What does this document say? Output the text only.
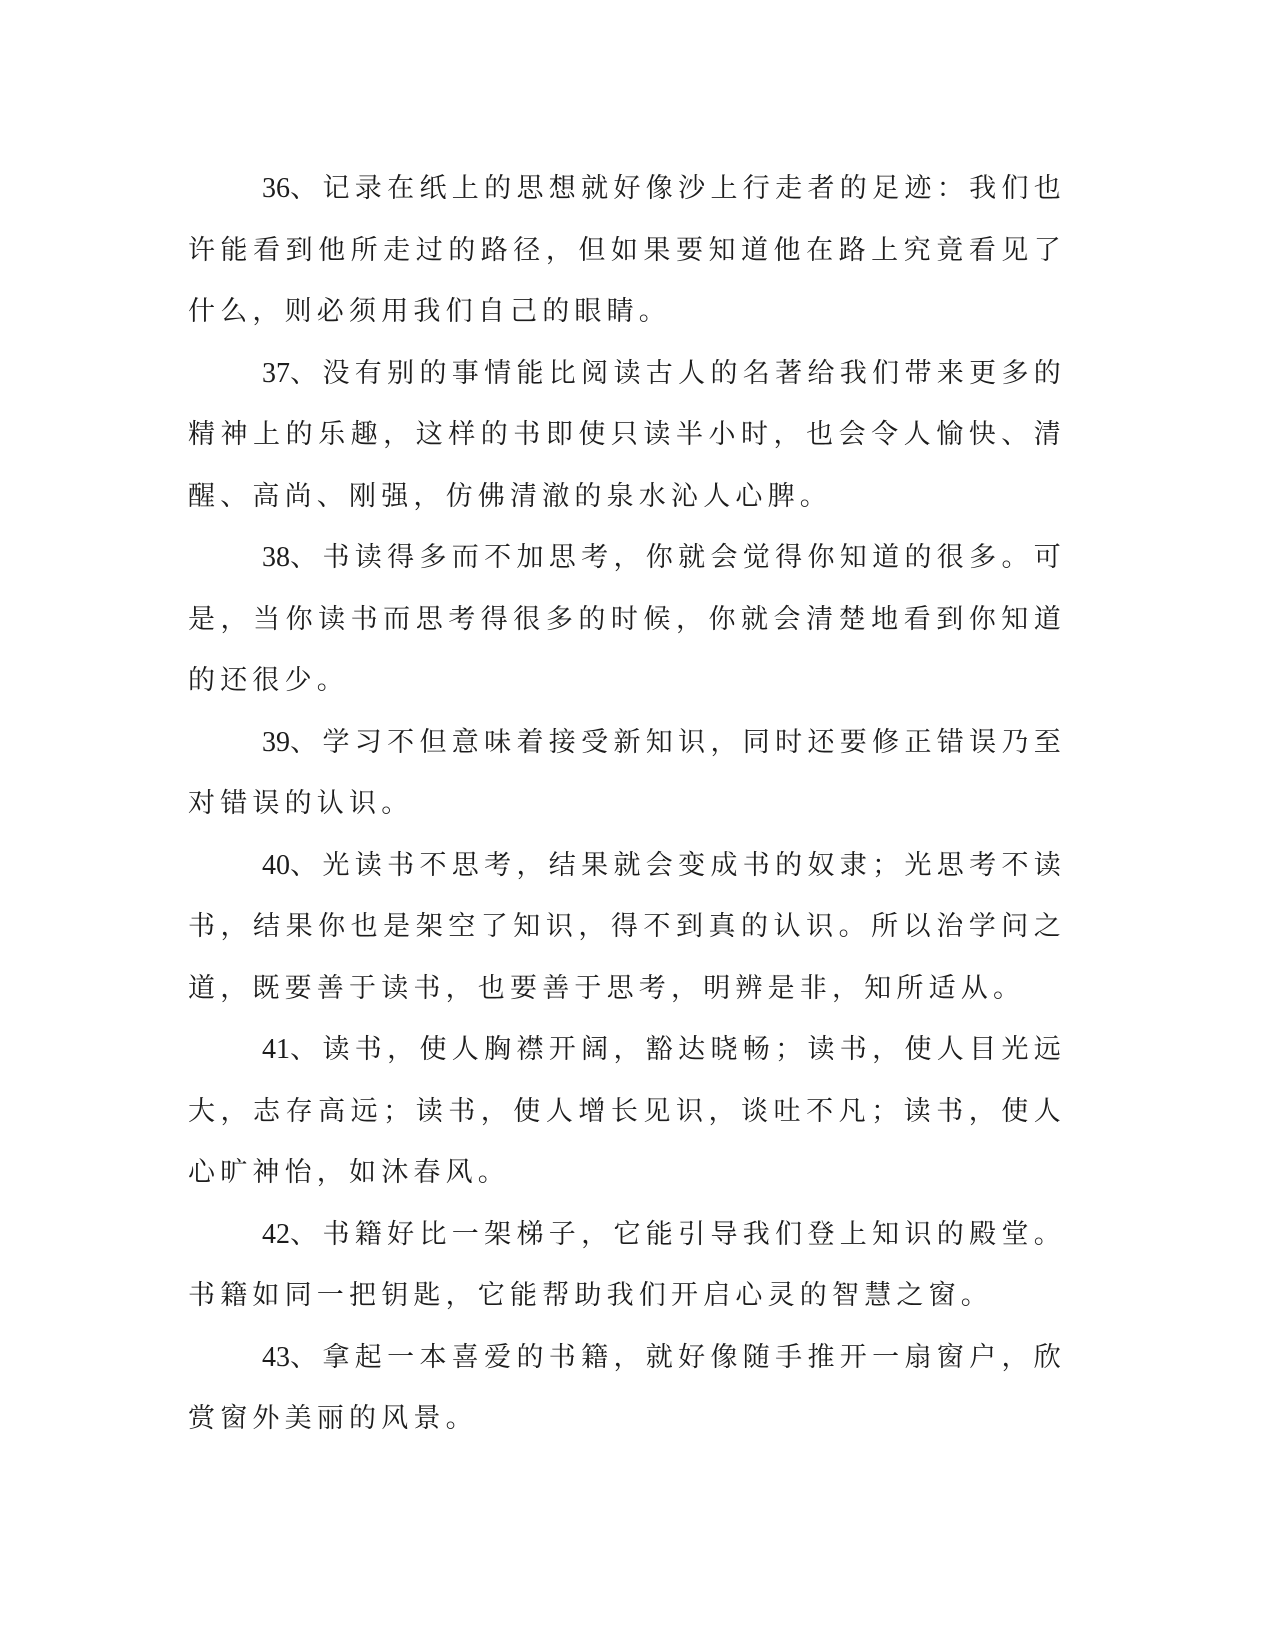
36、记录在纸上的思想就好像沙上行走者的足迹：我们也许能看到他所走过的路径，但如果要知道他在路上究竟看见了什么，则必须用我们自己的眼睛。

37、没有别的事情能比阅读古人的名著给我们带来更多的精神上的乐趣，这样的书即使只读半小时，也会令人愉快、清醒、高尚、刚强，仿佛清澈的泉水沁人心脾。

38、书读得多而不加思考，你就会觉得你知道的很多。可是，当你读书而思考得很多的时候，你就会清楚地看到你知道的还很少。

39、学习不但意味着接受新知识，同时还要修正错误乃至对错误的认识。

40、光读书不思考，结果就会变成书的奴隶；光思考不读书，结果你也是架空了知识，得不到真的认识。所以治学问之道，既要善于读书，也要善于思考，明辨是非，知所适从。

41、读书，使人胸襟开阔，豁达晓畅；读书，使人目光远大，志存高远；读书，使人增长见识，谈吐不凡；读书，使人心旷神怡，如沐春风。

42、书籍好比一架梯子，它能引导我们登上知识的殿堂。书籍如同一把钥匙，它能帮助我们开启心灵的智慧之窗。

43、拿起一本喜爱的书籍，就好像随手推开一扇窗户，欣赏窗外美丽的风景。
